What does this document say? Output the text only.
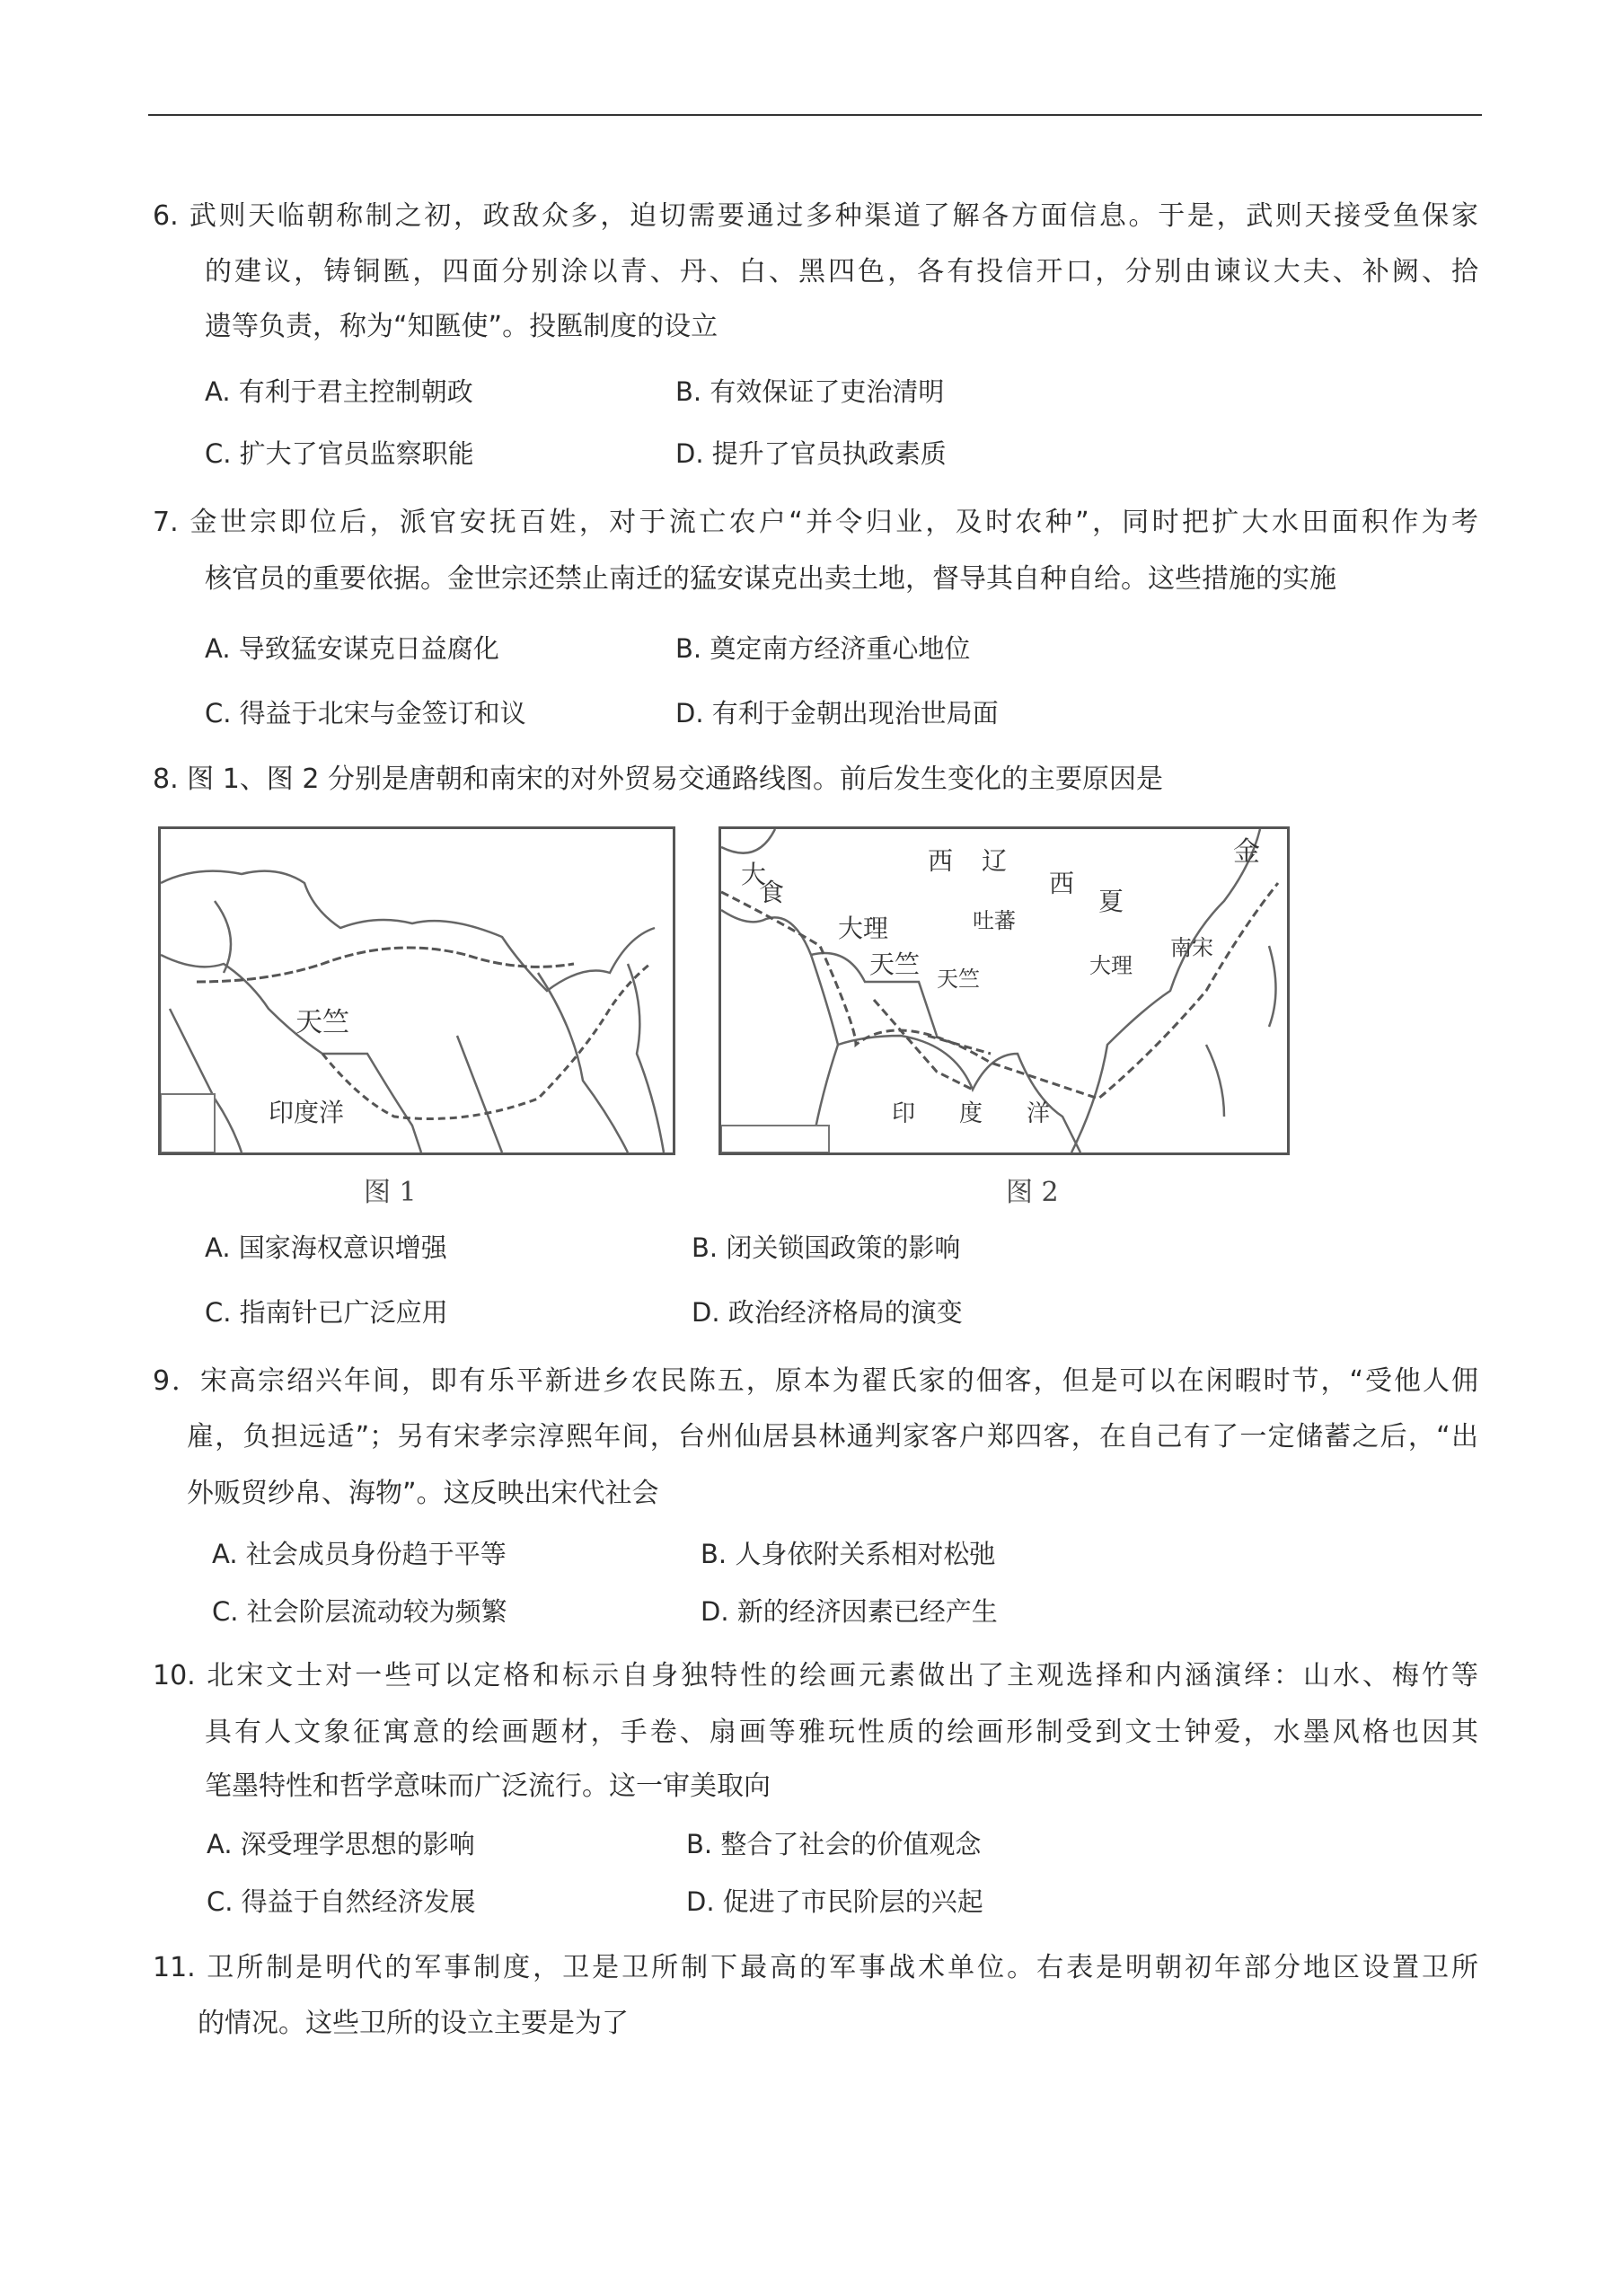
6. 武则天临朝称制之初，政敌众多，迫切需要通过多种渠道了解各方面信息。于是，武则天接受鱼保家
的建议，铸铜匦，四面分别涂以青、丹、白、黑四色，各有投信开口，分别由谏议大夫、补阙、拾
遗等负责，称为“知匦使”。投匦制度的设立
A. 有利于君主控制朝政	B. 有效保证了吏治清明
C. 扩大了官员监察职能	D. 提升了官员执政素质
7. 金世宗即位后，派官安抚百姓，对于流亡农户“并令归业，及时农种”，同时把扩大水田面积作为考
核官员的重要依据。金世宗还禁止南迁的猛安谋克出卖土地，督导其自种自给。这些措施的实施
A. 导致猛安谋克日益腐化	B. 奠定南方经济重心地位
C. 得益于北宋与金签订和议	D. 有利于金朝出现治世局面
8. 图 1、图 2 分别是唐朝和南宋的对外贸易交通路线图。前后发生变化的主要原因是
天竺
印度洋
大
食
西 辽
西
夏
金
吐蕃
大理
天竺	大理
南宋
天竺
印 度 洋
图 1	图 2
A. 国家海权意识增强	B. 闭关锁国政策的影响
C. 指南针已广泛应用	D. 政治经济格局的演变
9．宋高宗绍兴年间，即有乐平新进乡农民陈五，原本为翟氏家的佃客，但是可以在闲暇时节，“受他人佣
雇，负担远适”；另有宋孝宗淳熙年间，台州仙居县林通判家客户郑四客，在自己有了一定储蓄之后，“出
外贩贸纱帛、海物”。这反映出宋代社会
A. 社会成员身份趋于平等	B. 人身依附关系相对松弛
C. 社会阶层流动较为频繁	D. 新的经济因素已经产生
10. 北宋文士对一些可以定格和标示自身独特性的绘画元素做出了主观选择和内涵演绎：山水、梅竹等
具有人文象征寓意的绘画题材，手卷、扇画等雅玩性质的绘画形制受到文士钟爱，水墨风格也因其
笔墨特性和哲学意味而广泛流行。这一审美取向
A. 深受理学思想的影响	B. 整合了社会的价值观念
C. 得益于自然经济发展	D. 促进了市民阶层的兴起
11. 卫所制是明代的军事制度，卫是卫所制下最高的军事战术单位。右表是明朝初年部分地区设置卫所
的情况。这些卫所的设立主要是为了
